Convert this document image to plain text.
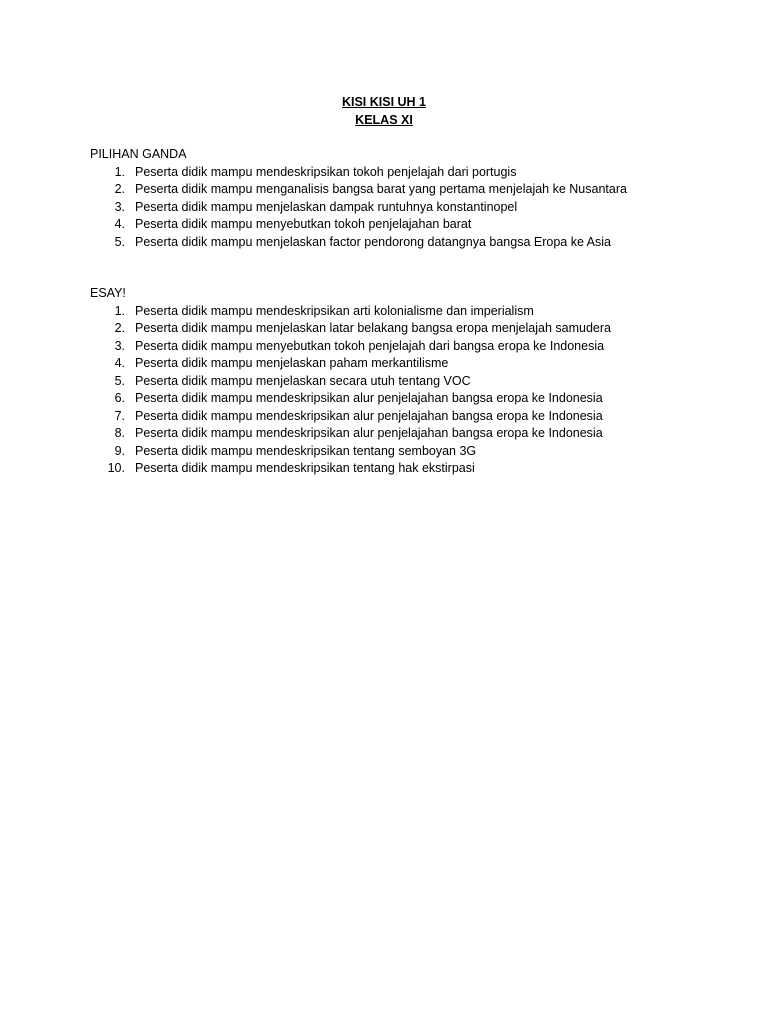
KISI KISI UH 1
KELAS XI
PILIHAN GANDA
1. Peserta didik mampu mendeskripsikan tokoh penjelajah dari portugis
2. Peserta didik mampu menganalisis bangsa barat yang pertama menjelajah ke Nusantara
3. Peserta didik mampu menjelaskan dampak runtuhnya konstantinopel
4. Peserta didik mampu menyebutkan tokoh penjelajahan barat
5. Peserta didik mampu menjelaskan factor pendorong datangnya bangsa Eropa ke Asia
ESAY!
1. Peserta didik mampu mendeskripsikan arti kolonialisme dan imperialism
2. Peserta didik mampu menjelaskan latar belakang bangsa eropa menjelajah samudera
3. Peserta didik mampu menyebutkan tokoh penjelajah dari bangsa eropa ke Indonesia
4. Peserta didik mampu menjelaskan paham merkantilisme
5. Peserta didik mampu menjelaskan secara utuh tentang VOC
6. Peserta didik mampu mendeskripsikan alur penjelajahan bangsa eropa ke Indonesia
7. Peserta didik mampu mendeskripsikan alur penjelajahan bangsa eropa ke Indonesia
8. Peserta didik mampu mendeskripsikan alur penjelajahan bangsa eropa ke Indonesia
9. Peserta didik mampu mendeskripsikan tentang semboyan 3G
10. Peserta didik mampu mendeskripsikan tentang hak ekstirpasi
